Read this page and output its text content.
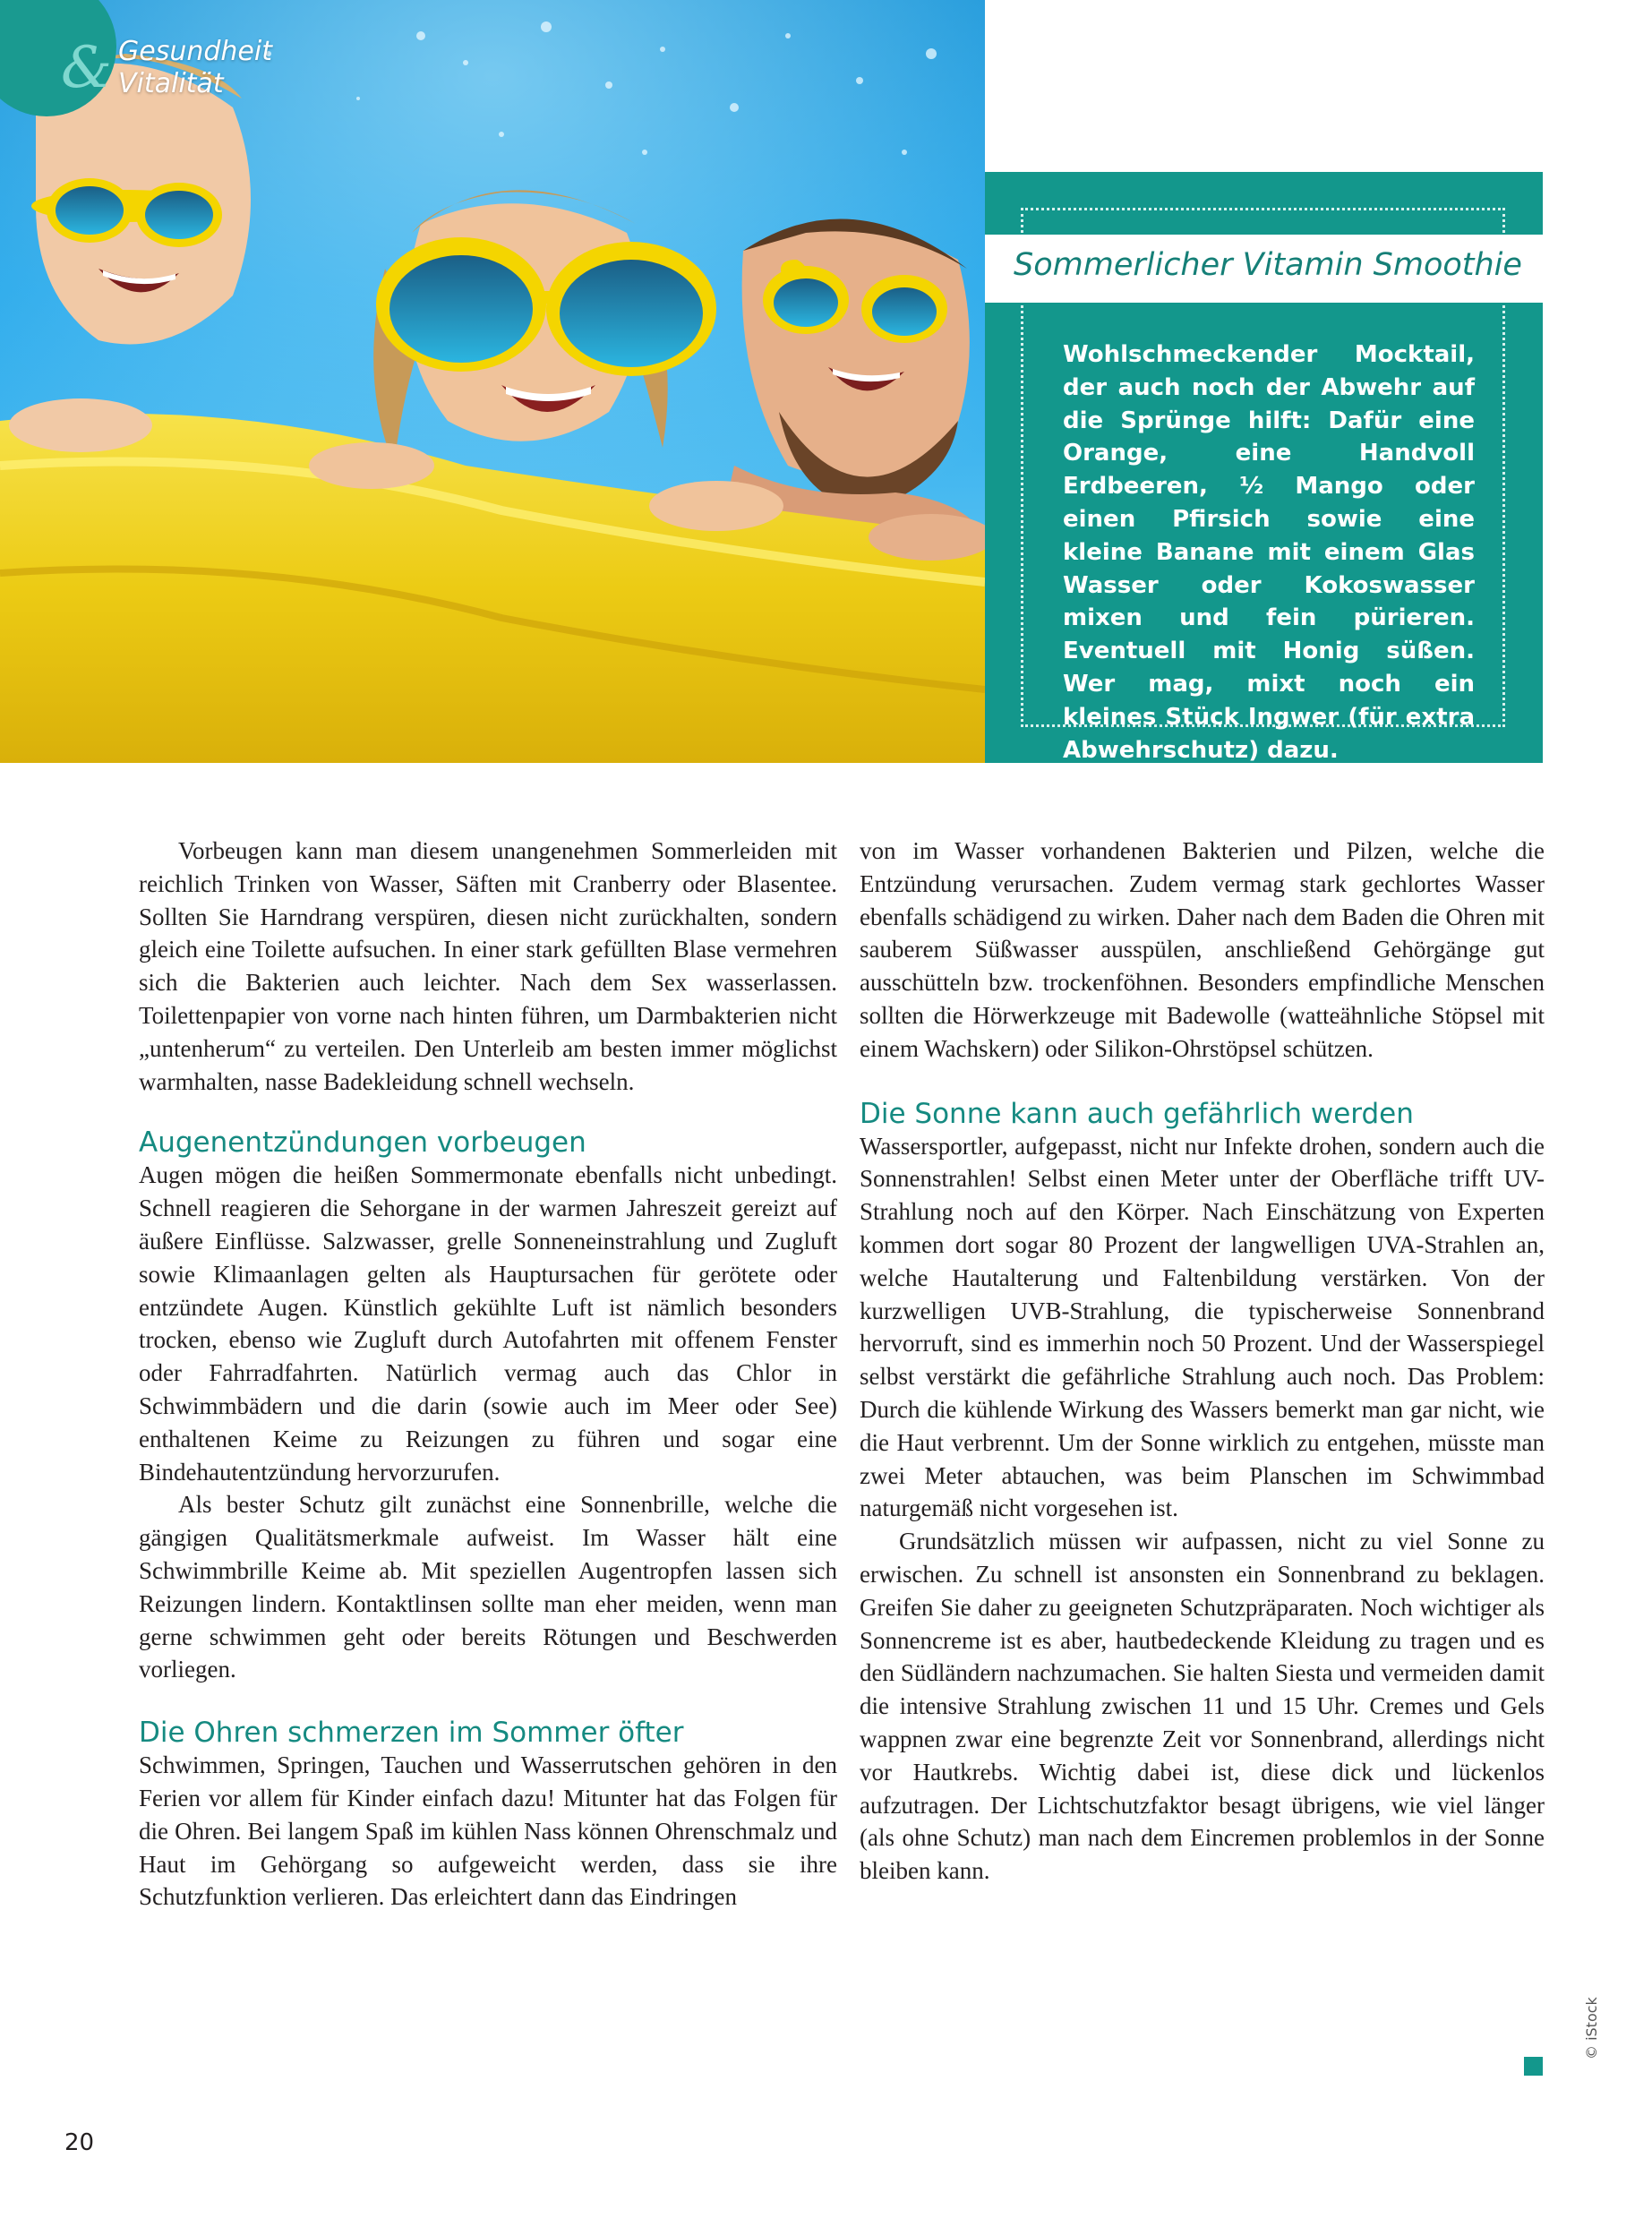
& Gesundheit
Vitalität
Sommerlicher Vitamin Smoothie

Wohlschmeckender Mocktail, der auch noch der Abwehr auf die Sprünge hilft: Dafür eine Orange, eine Handvoll Erdbeeren, ½ Mango oder einen Pfirsich sowie eine kleine Banane mit einem Glas Wasser oder Kokoswasser mixen und fein pürieren. Eventuell mit Honig süßen. Wer mag, mixt noch ein kleines Stück Ingwer (für extra Abwehrschutz) dazu.

Vorbeugen kann man diesem unangenehmen Sommerleiden mit reichlich Trinken von Wasser, Säften mit Cranberry oder Blasentee. Sollten Sie Harndrang verspüren, diesen nicht zurückhalten, sondern gleich eine Toilette aufsuchen. In einer stark gefüllten Blase vermehren sich die Bakterien auch leichter. Nach dem Sex wasserlassen. Toilettenpapier von vorne nach hinten führen, um Darmbakterien nicht „untenherum“ zu verteilen. Den Unterleib am besten immer möglichst warmhalten, nasse Badekleidung schnell wechseln.

Augenentzündungen vorbeugen

Augen mögen die heißen Sommermonate ebenfalls nicht unbedingt. Schnell reagieren die Sehorgane in der warmen Jahreszeit gereizt auf äußere Einflüsse. Salzwasser, grelle Sonneneinstrahlung und Zugluft sowie Klimaanlagen gelten als Hauptursachen für gerötete oder entzündete Augen. Künstlich gekühlte Luft ist nämlich besonders trocken, ebenso wie Zugluft durch Autofahrten mit offenem Fenster oder Fahrradfahrten. Natürlich vermag auch das Chlor in Schwimmbädern und die darin (sowie auch im Meer oder See) enthaltenen Keime zu Reizungen zu führen und sogar eine Bindehautentzündung hervorzurufen.

Als bester Schutz gilt zunächst eine Sonnenbrille, welche die gängigen Qualitätsmerkmale aufweist. Im Wasser hält eine Schwimmbrille Keime ab. Mit speziellen Augentropfen lassen sich Reizungen lindern. Kontaktlinsen sollte man eher meiden, wenn man gerne schwimmen geht oder bereits Rötungen und Beschwerden vorliegen.

Die Ohren schmerzen im Sommer öfter

Schwimmen, Springen, Tauchen und Wasserrutschen gehören in den Ferien vor allem für Kinder einfach dazu! Mitunter hat das Folgen für die Ohren. Bei langem Spaß im kühlen Nass können Ohrenschmalz und Haut im Gehörgang so aufgeweicht werden, dass sie ihre Schutzfunktion verlieren. Das erleichtert dann das Eindringen

von im Wasser vorhandenen Bakterien und Pilzen, welche die Entzündung verursachen. Zudem vermag stark gechlortes Wasser ebenfalls schädigend zu wirken. Daher nach dem Baden die Ohren mit sauberem Süßwasser ausspülen, anschließend Gehörgänge gut ausschütteln bzw. trockenföhnen. Besonders empfindliche Menschen sollten die Hörwerkzeuge mit Badewolle (watteähnliche Stöpsel mit einem Wachskern) oder Silikon-Ohrstöpsel schützen.

Die Sonne kann auch gefährlich werden

Wassersportler, aufgepasst, nicht nur Infekte drohen, sondern auch die Sonnenstrahlen! Selbst einen Meter unter der Oberfläche trifft UV-Strahlung noch auf den Körper. Nach Einschätzung von Experten kommen dort sogar 80 Prozent der langwelligen UVA-Strahlen an, welche Hautalterung und Faltenbildung verstärken. Von der kurzwelligen UVB-Strahlung, die typischerweise Sonnenbrand hervorruft, sind es immerhin noch 50 Prozent. Und der Wasserspiegel selbst verstärkt die gefährliche Strahlung auch noch. Das Problem: Durch die kühlende Wirkung des Wassers bemerkt man gar nicht, wie die Haut verbrennt. Um der Sonne wirklich zu entgehen, müsste man zwei Meter abtauchen, was beim Planschen im Schwimmbad naturgemäß nicht vorgesehen ist.

Grundsätzlich müssen wir aufpassen, nicht zu viel Sonne zu erwischen. Zu schnell ist ansonsten ein Sonnenbrand zu beklagen. Greifen Sie daher zu geeigneten Schutzpräparaten. Noch wichtiger als Sonnencreme ist es aber, hautbedeckende Kleidung zu tragen und es den Südländern nachzumachen. Sie halten Siesta und vermeiden damit die intensive Strahlung zwischen 11 und 15 Uhr. Cremes und Gels wappnen zwar eine begrenzte Zeit vor Sonnenbrand, allerdings nicht vor Hautkrebs. Wichtig dabei ist, diese dick und lückenlos aufzutragen. Der Lichtschutzfaktor besagt übrigens, wie viel länger (als ohne Schutz) man nach dem Eincremen problemlos in der Sonne bleiben kann.

© iStock
20
